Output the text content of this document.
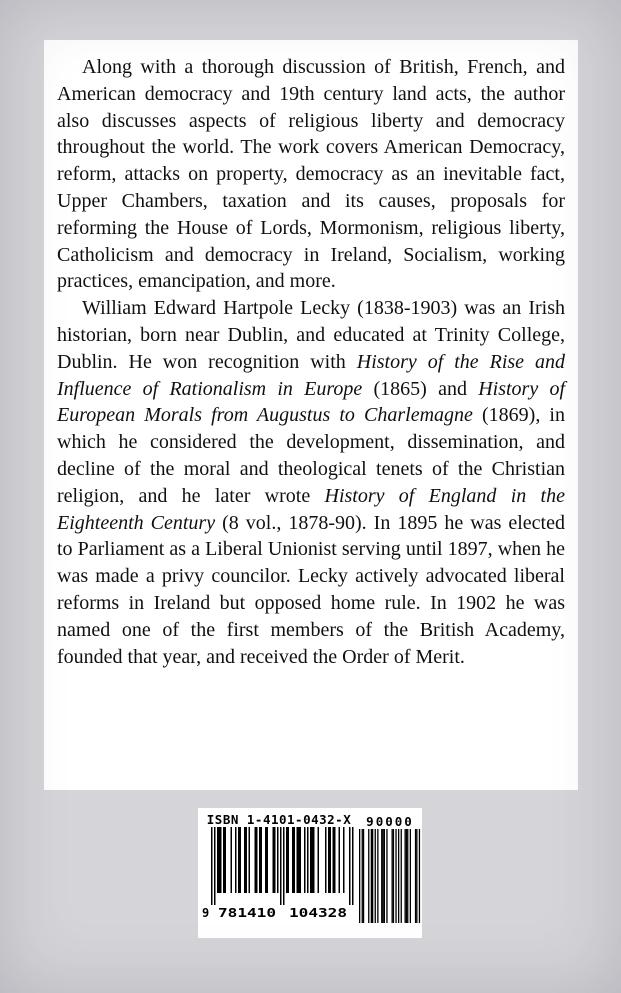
Along with a thorough discussion of British, French, and American democracy and 19th century land acts, the author also discusses aspects of religious liberty and democracy throughout the world. The work covers American Democracy, reform, attacks on property, democracy as an inevitable fact, Upper Chambers, taxation and its causes, proposals for reforming the House of Lords, Mormonism, religious liberty, Catholicism and democracy in Ireland, Socialism, working practices, emancipation, and more.

William Edward Hartpole Lecky (1838-1903) was an Irish historian, born near Dublin, and educated at Trinity College, Dublin. He won recognition with History of the Rise and Influence of Rationalism in Europe (1865) and History of European Morals from Augustus to Charlemagne (1869), in which he considered the development, dissemination, and decline of the moral and theological tenets of the Christian religion, and he later wrote History of England in the Eighteenth Century (8 vol., 1878-90). In 1895 he was elected to Parliament as a Liberal Unionist serving until 1897, when he was made a privy councilor. Lecky actively advocated liberal reforms in Ireland but opposed home rule. In 1902 he was named one of the first members of the British Academy, founded that year, and received the Order of Merit.

ISBN 1-4101-0432-X
9 781410 104328
90000
